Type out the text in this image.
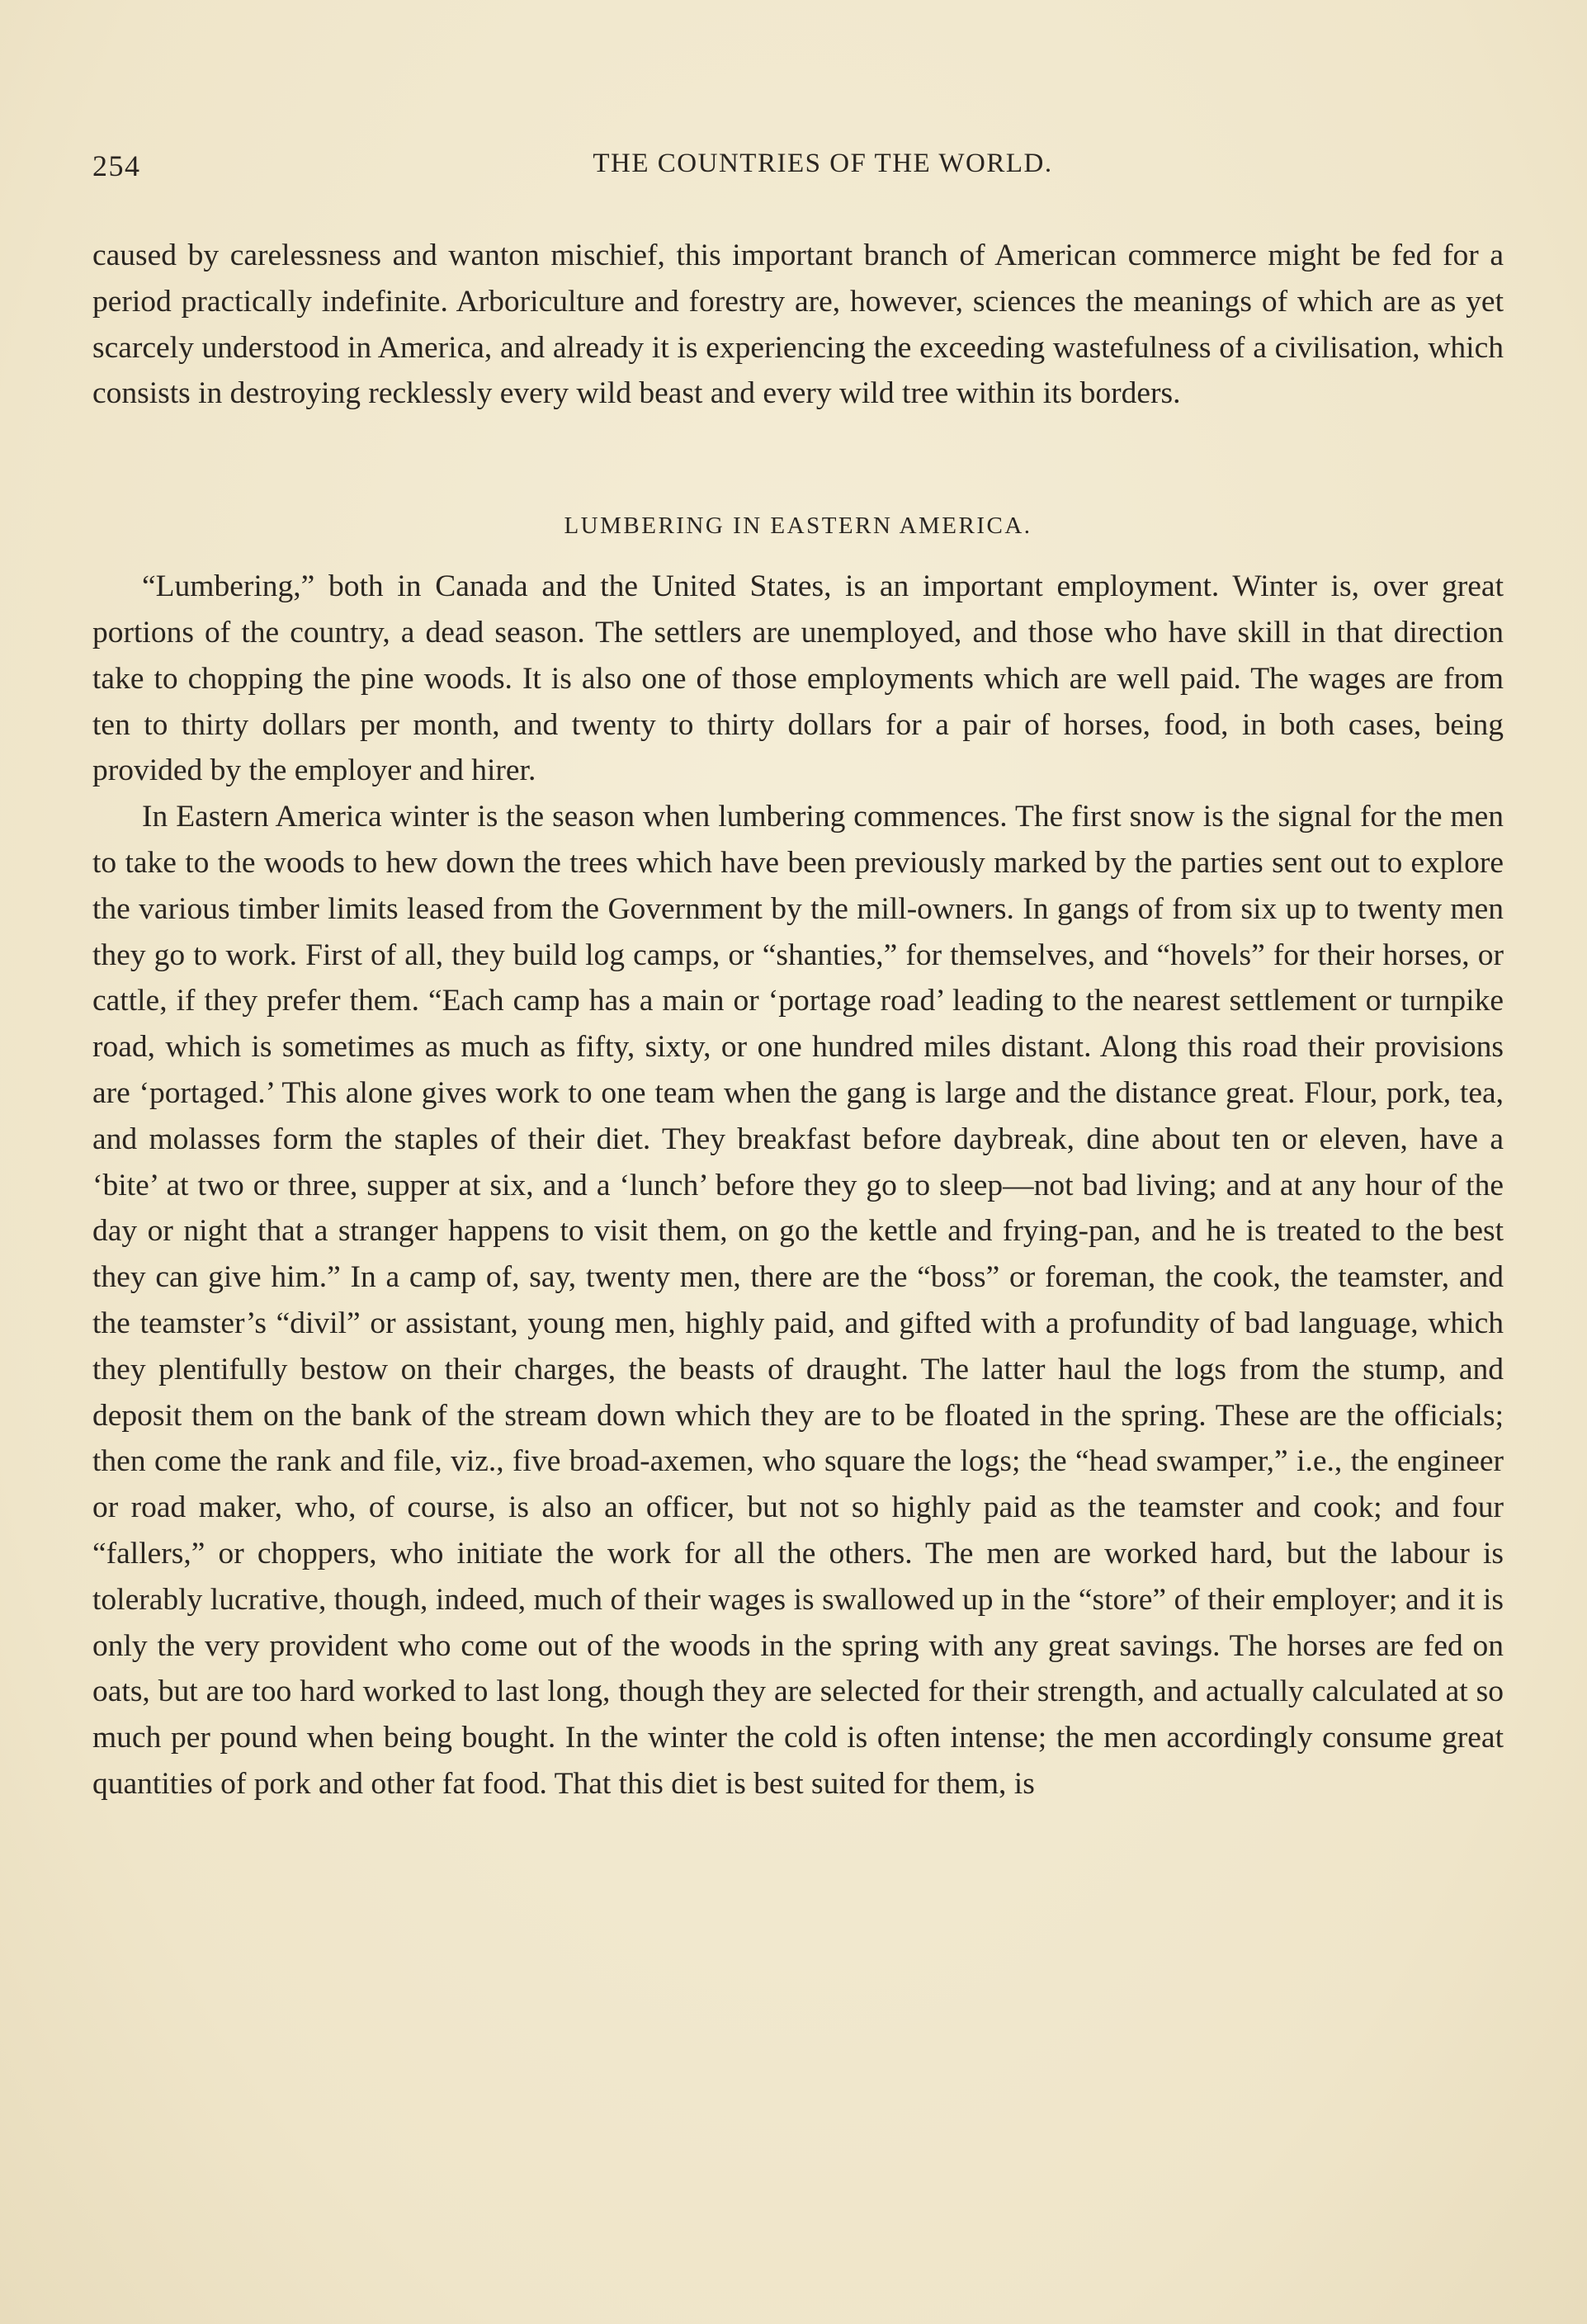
254	THE COUNTRIES OF THE WORLD.

caused by carelessness and wanton mischief, this important branch of American commerce might be fed for a period practically indefinite. Arboriculture and forestry are, however, sciences the meanings of which are as yet scarcely understood in America, and already it is experiencing the exceeding wastefulness of a civilisation, which consists in destroying recklessly every wild beast and every wild tree within its borders.

LUMBERING IN EASTERN AMERICA.

“Lumbering,” both in Canada and the United States, is an important employment. Winter is, over great portions of the country, a dead season. The settlers are unemployed, and those who have skill in that direction take to chopping the pine woods. It is also one of those employments which are well paid. The wages are from ten to thirty dollars per month, and twenty to thirty dollars for a pair of horses, food, in both cases, being provided by the employer and hirer.

In Eastern America winter is the season when lumbering commences. The first snow is the signal for the men to take to the woods to hew down the trees which have been previously marked by the parties sent out to explore the various timber limits leased from the Government by the mill-owners. In gangs of from six up to twenty men they go to work. First of all, they build log camps, or “shanties,” for themselves, and “hovels” for their horses, or cattle, if they prefer them. “Each camp has a main or ‘portage road’ leading to the nearest settlement or turnpike road, which is sometimes as much as fifty, sixty, or one hundred miles distant. Along this road their provisions are ‘portaged.’ This alone gives work to one team when the gang is large and the distance great. Flour, pork, tea, and molasses form the staples of their diet. They breakfast before daybreak, dine about ten or eleven, have a ‘bite’ at two or three, supper at six, and a ‘lunch’ before they go to sleep—not bad living; and at any hour of the day or night that a stranger happens to visit them, on go the kettle and frying-pan, and he is treated to the best they can give him.” In a camp of, say, twenty men, there are the “boss” or foreman, the cook, the teamster, and the teamster’s “divil” or assistant, young men, highly paid, and gifted with a profundity of bad language, which they plentifully bestow on their charges, the beasts of draught. The latter haul the logs from the stump, and deposit them on the bank of the stream down which they are to be floated in the spring. These are the officials; then come the rank and file, viz., five broad-axemen, who square the logs; the “head swamper,” i.e., the engineer or road maker, who, of course, is also an officer, but not so highly paid as the teamster and cook; and four “fallers,” or choppers, who initiate the work for all the others. The men are worked hard, but the labour is tolerably lucrative, though, indeed, much of their wages is swallowed up in the “store” of their employer; and it is only the very provident who come out of the woods in the spring with any great savings. The horses are fed on oats, but are too hard worked to last long, though they are selected for their strength, and actually calculated at so much per pound when being bought. In the winter the cold is often intense; the men accordingly consume great quantities of pork and other fat food. That this diet is best suited for them, is
